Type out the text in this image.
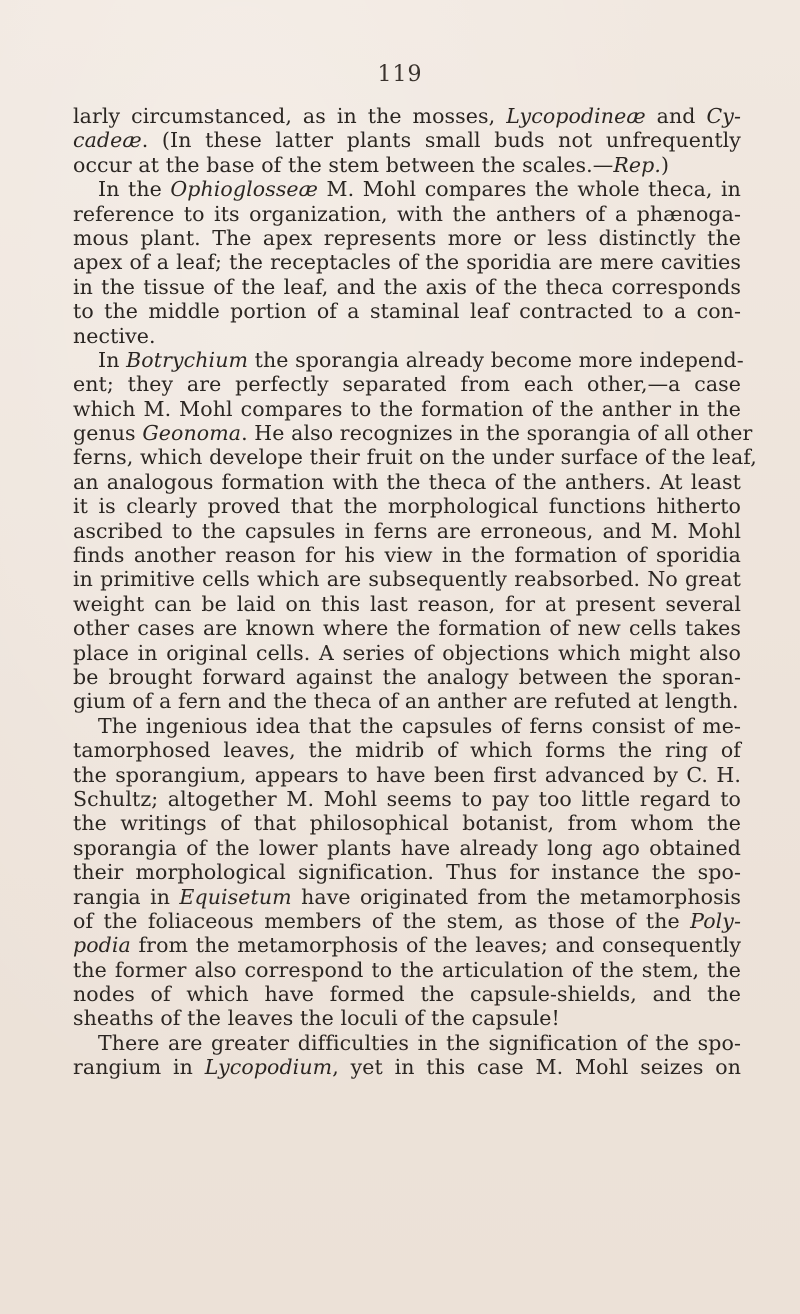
119
larly circumstanced, as in the mosses, Lycopodineæ and Cy-
cadeæ. (In these latter plants small buds not unfrequently
occur at the base of the stem between the scales.—Rep.)
In the Ophioglosseæ M. Mohl compares the whole theca, in
reference to its organization, with the anthers of a phænoga-
mous plant. The apex represents more or less distinctly the
apex of a leaf; the receptacles of the sporidia are mere cavities
in the tissue of the leaf, and the axis of the theca corresponds
to the middle portion of a staminal leaf contracted to a con-
nective.
In Botrychium the sporangia already become more independ-
ent; they are perfectly separated from each other,—a case
which M. Mohl compares to the formation of the anther in the
genus Geonoma. He also recognizes in the sporangia of all other
ferns, which develope their fruit on the under surface of the leaf,
an analogous formation with the theca of the anthers. At least
it is clearly proved that the morphological functions hitherto
ascribed to the capsules in ferns are erroneous, and M. Mohl
finds another reason for his view in the formation of sporidia
in primitive cells which are subsequently reabsorbed. No great
weight can be laid on this last reason, for at present several
other cases are known where the formation of new cells takes
place in original cells. A series of objections which might also
be brought forward against the analogy between the sporan-
gium of a fern and the theca of an anther are refuted at length.
The ingenious idea that the capsules of ferns consist of me-
tamorphosed leaves, the midrib of which forms the ring of
the sporangium, appears to have been first advanced by C. H.
Schultz; altogether M. Mohl seems to pay too little regard to
the writings of that philosophical botanist, from whom the
sporangia of the lower plants have already long ago obtained
their morphological signification. Thus for instance the spo-
rangia in Equisetum have originated from the metamorphosis
of the foliaceous members of the stem, as those of the Poly-
podia from the metamorphosis of the leaves; and consequently
the former also correspond to the articulation of the stem, the
nodes of which have formed the capsule-shields, and the
sheaths of the leaves the loculi of the capsule!
There are greater difficulties in the signification of the spo-
rangium in Lycopodium, yet in this case M. Mohl seizes on
